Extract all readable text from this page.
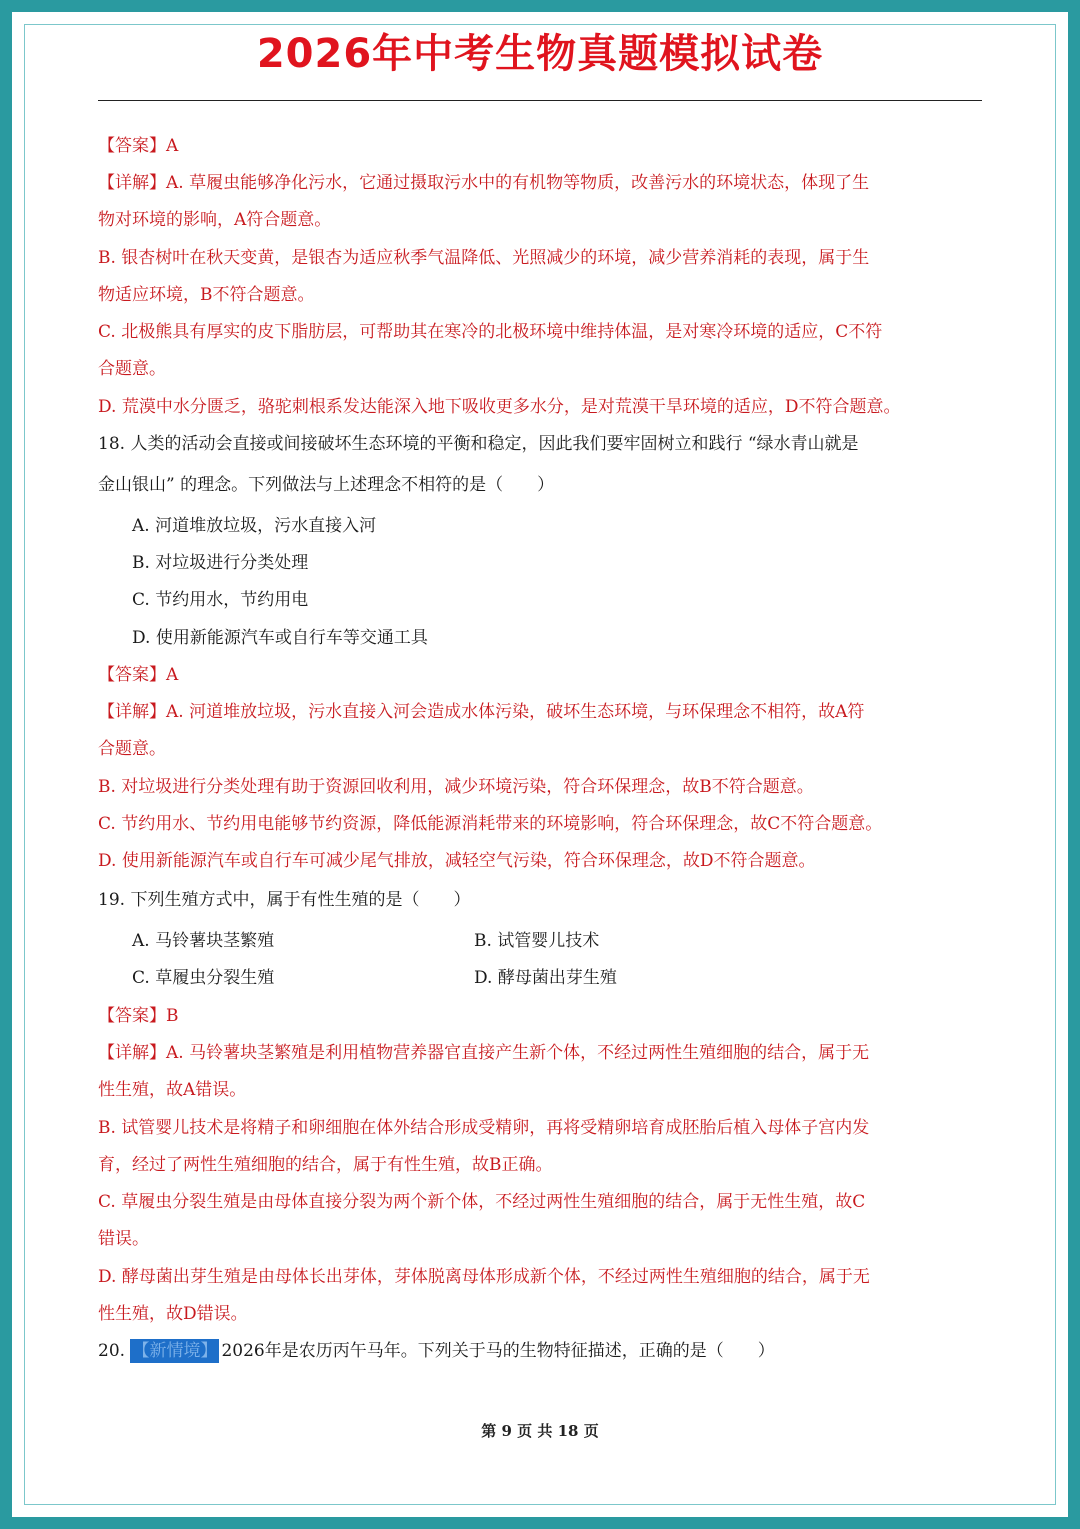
2026年中考生物真题模拟试卷
【答案】A
【详解】A. 草履虫能够净化污水，它通过摄取污水中的有机物等物质，改善污水的环境状态，体现了生
物对环境的影响，A符合题意。
B. 银杏树叶在秋天变黄，是银杏为适应秋季气温降低、光照减少的环境，减少营养消耗的表现，属于生
物适应环境，B不符合题意。
C. 北极熊具有厚实的皮下脂肪层，可帮助其在寒冷的北极环境中维持体温，是对寒冷环境的适应，C不符
合题意。
D. 荒漠中水分匮乏，骆驼刺根系发达能深入地下吸收更多水分，是对荒漠干旱环境的适应，D不符合题意。
18. 人类的活动会直接或间接破坏生态环境的平衡和稳定，因此我们要牢固树立和践行 “绿水青山就是
金山银山” 的理念。下列做法与上述理念不相符的是（　　）
A. 河道堆放垃圾，污水直接入河
B. 对垃圾进行分类处理
C. 节约用水，节约用电
D. 使用新能源汽车或自行车等交通工具
【答案】A
【详解】A. 河道堆放垃圾，污水直接入河会造成水体污染，破坏生态环境，与环保理念不相符，故A符
合题意。
B. 对垃圾进行分类处理有助于资源回收利用，减少环境污染，符合环保理念，故B不符合题意。
C. 节约用水、节约用电能够节约资源，降低能源消耗带来的环境影响，符合环保理念，故C不符合题意。
D. 使用新能源汽车或自行车可减少尾气排放，减轻空气污染，符合环保理念，故D不符合题意。
19. 下列生殖方式中，属于有性生殖的是（　　）
A. 马铃薯块茎繁殖	B. 试管婴儿技术
C. 草履虫分裂生殖	D. 酵母菌出芽生殖
【答案】B
【详解】A. 马铃薯块茎繁殖是利用植物营养器官直接产生新个体，不经过两性生殖细胞的结合，属于无
性生殖，故A错误。
B. 试管婴儿技术是将精子和卵细胞在体外结合形成受精卵，再将受精卵培育成胚胎后植入母体子宫内发
育，经过了两性生殖细胞的结合，属于有性生殖，故B正确。
C. 草履虫分裂生殖是由母体直接分裂为两个新个体，不经过两性生殖细胞的结合，属于无性生殖，故C
错误。
D. 酵母菌出芽生殖是由母体长出芽体，芽体脱离母体形成新个体，不经过两性生殖细胞的结合，属于无
性生殖，故D错误。
20. 【新情境】 2026年是农历丙午马年。下列关于马的生物特征描述，正确的是（　　）
第 9 页 共 18 页
